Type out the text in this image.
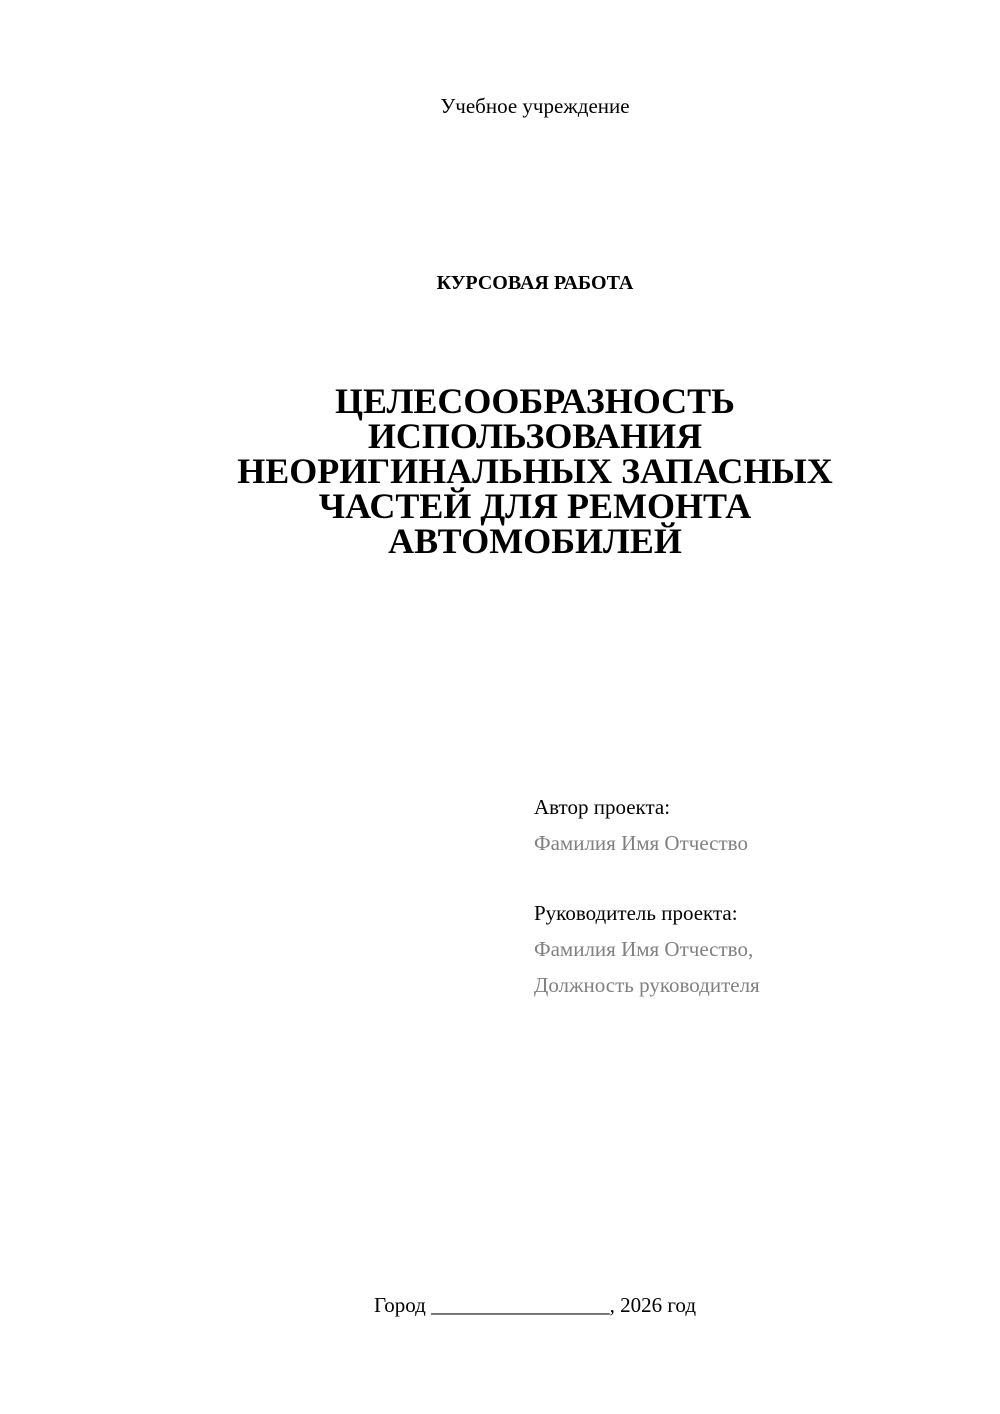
Учебное учреждение
КУРСОВАЯ РАБОТА
ЦЕЛЕСООБРАЗНОСТЬ
ИСПОЛЬЗОВАНИЯ
НЕОРИГИНАЛЬНЫХ ЗАПАСНЫХ
ЧАСТЕЙ ДЛЯ РЕМОНТА
АВТОМОБИЛЕЙ
Автор проекта:
Фамилия Имя Отчество
Руководитель проекта:
Фамилия Имя Отчество,
Должность руководителя
Город _________________, 2026 год
